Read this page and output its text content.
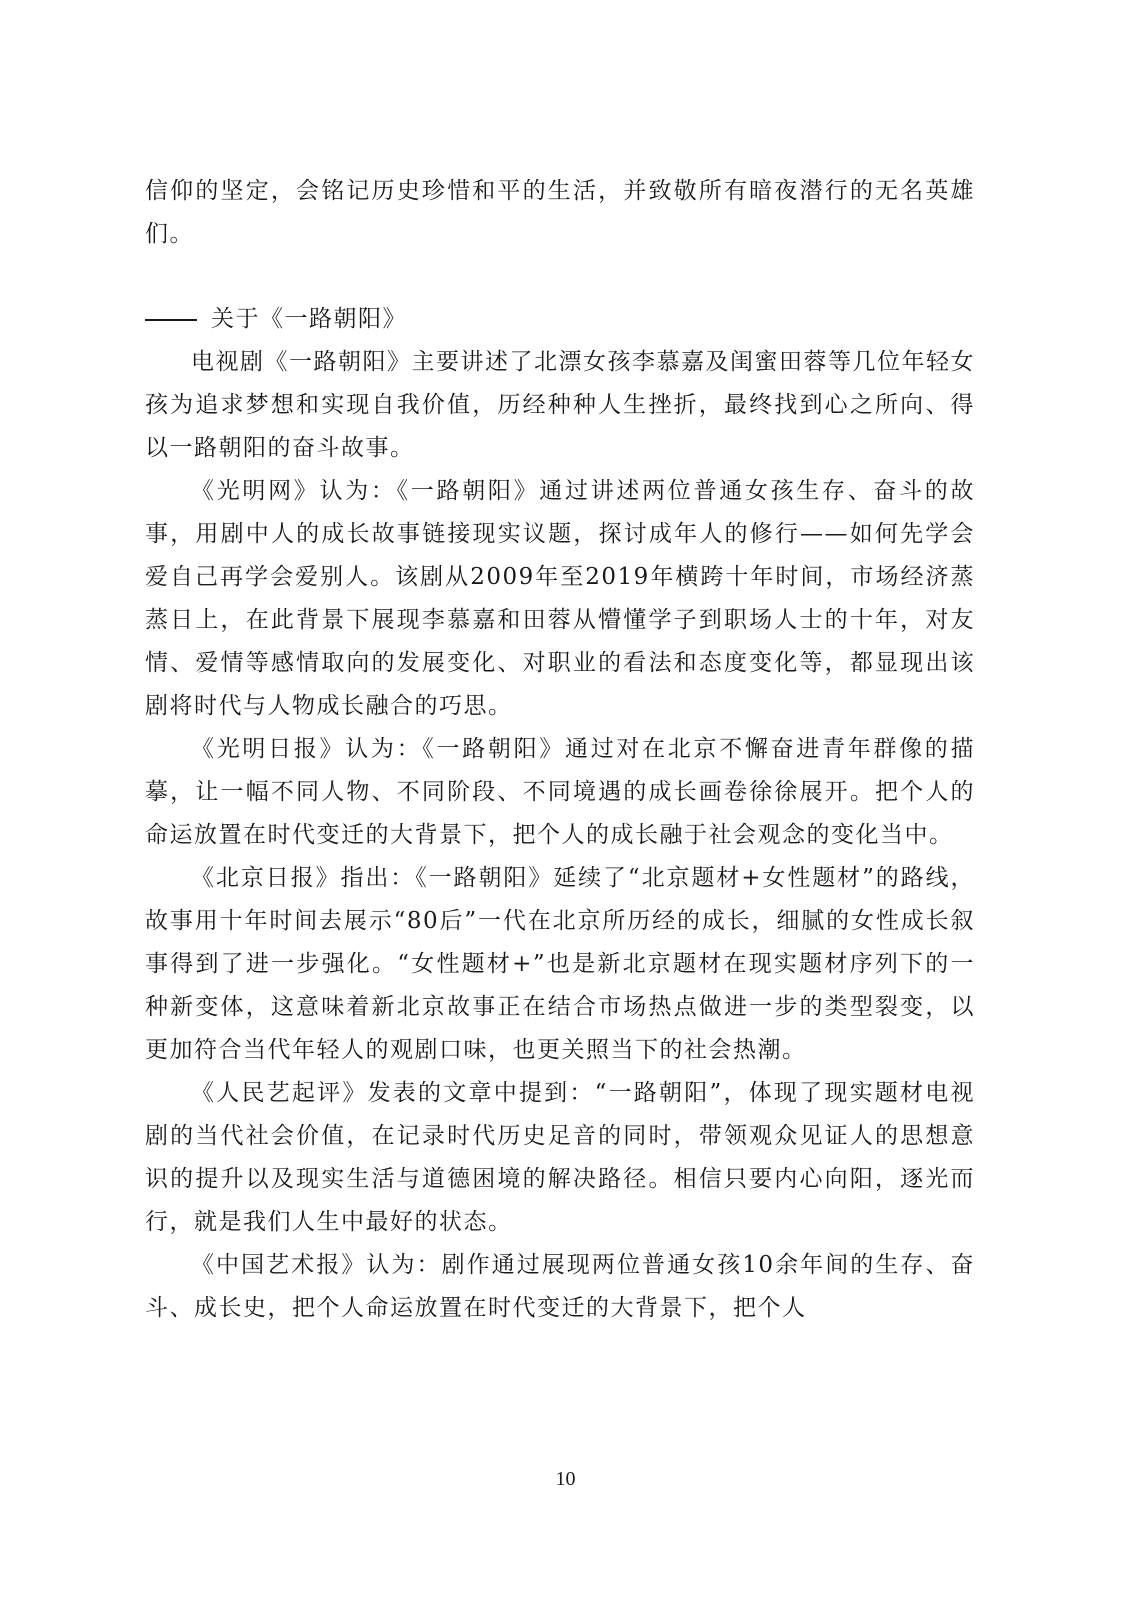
信仰的坚定，会铭记历史珍惜和平的生活，并致敬所有暗夜潜行的无名英雄们。

关于《一路朝阳》

电视剧《一路朝阳》主要讲述了北漂女孩李慕嘉及闺蜜田蓉等几位年轻女孩为追求梦想和实现自我价值，历经种种人生挫折，最终找到心之所向、得以一路朝阳的奋斗故事。

《光明网》认为：《一路朝阳》通过讲述两位普通女孩生存、奋斗的故事，用剧中人的成长故事链接现实议题，探讨成年人的修行——如何先学会爱自己再学会爱别人。该剧从2009年至2019年横跨十年时间，市场经济蒸蒸日上，在此背景下展现李慕嘉和田蓉从懵懂学子到职场人士的十年，对友情、爱情等感情取向的发展变化、对职业的看法和态度变化等，都显现出该剧将时代与人物成长融合的巧思。

《光明日报》认为：《一路朝阳》通过对在北京不懈奋进青年群像的描摹，让一幅不同人物、不同阶段、不同境遇的成长画卷徐徐展开。把个人的命运放置在时代变迁的大背景下，把个人的成长融于社会观念的变化当中。

《北京日报》指出：《一路朝阳》延续了“北京题材+女性题材”的路线，故事用十年时间去展示“80后”一代在北京所历经的成长，细腻的女性成长叙事得到了进一步强化。“女性题材+”也是新北京题材在现实题材序列下的一种新变体，这意味着新北京故事正在结合市场热点做进一步的类型裂变，以更加符合当代年轻人的观剧口味，也更关照当下的社会热潮。

《人民艺起评》发表的文章中提到：“一路朝阳”，体现了现实题材电视剧的当代社会价值，在记录时代历史足音的同时，带领观众见证人的思想意识的提升以及现实生活与道德困境的解决路径。相信只要内心向阳，逐光而行，就是我们人生中最好的状态。

《中国艺术报》认为：剧作通过展现两位普通女孩10余年间的生存、奋斗、成长史，把个人命运放置在时代变迁的大背景下，把个人

10
